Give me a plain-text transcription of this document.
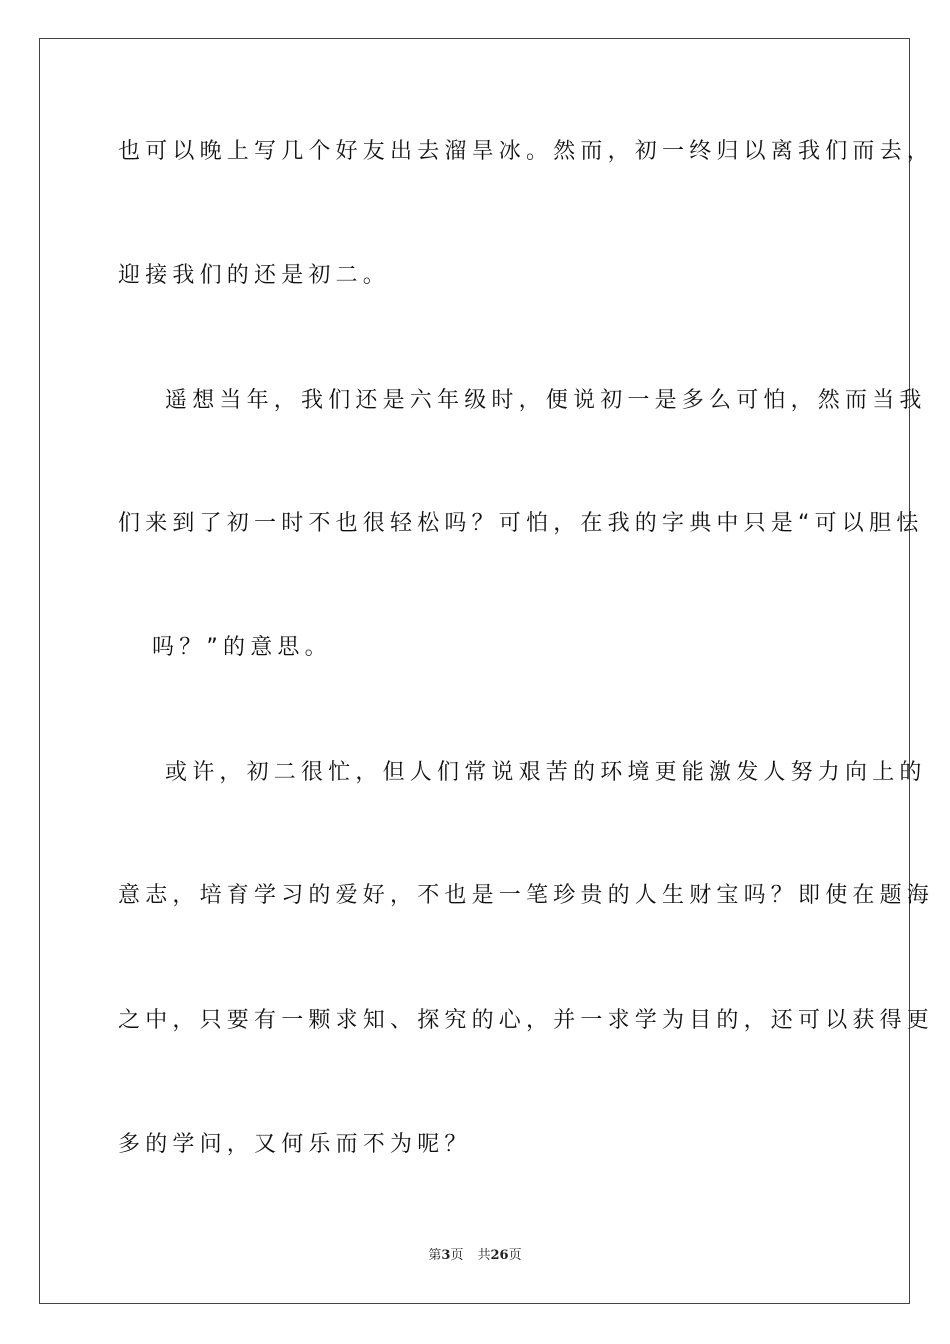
也可以晚上写几个好友出去溜旱冰。然而，初一终归以离我们而去，
迎接我们的还是初二。
遥想当年，我们还是六年级时，便说初一是多么可怕，然而当我
们来到了初一时不也很轻松吗？可怕，在我的字典中只是“可以胆怯
吗？”的意思。
或许，初二很忙，但人们常说艰苦的环境更能激发人努力向上的
意志，培育学习的爱好，不也是一笔珍贵的人生财宝吗？即使在题海
之中，只要有一颗求知、探究的心，并一求学为目的，还可以获得更
多的学问，又何乐而不为呢？
第3页 共26页
